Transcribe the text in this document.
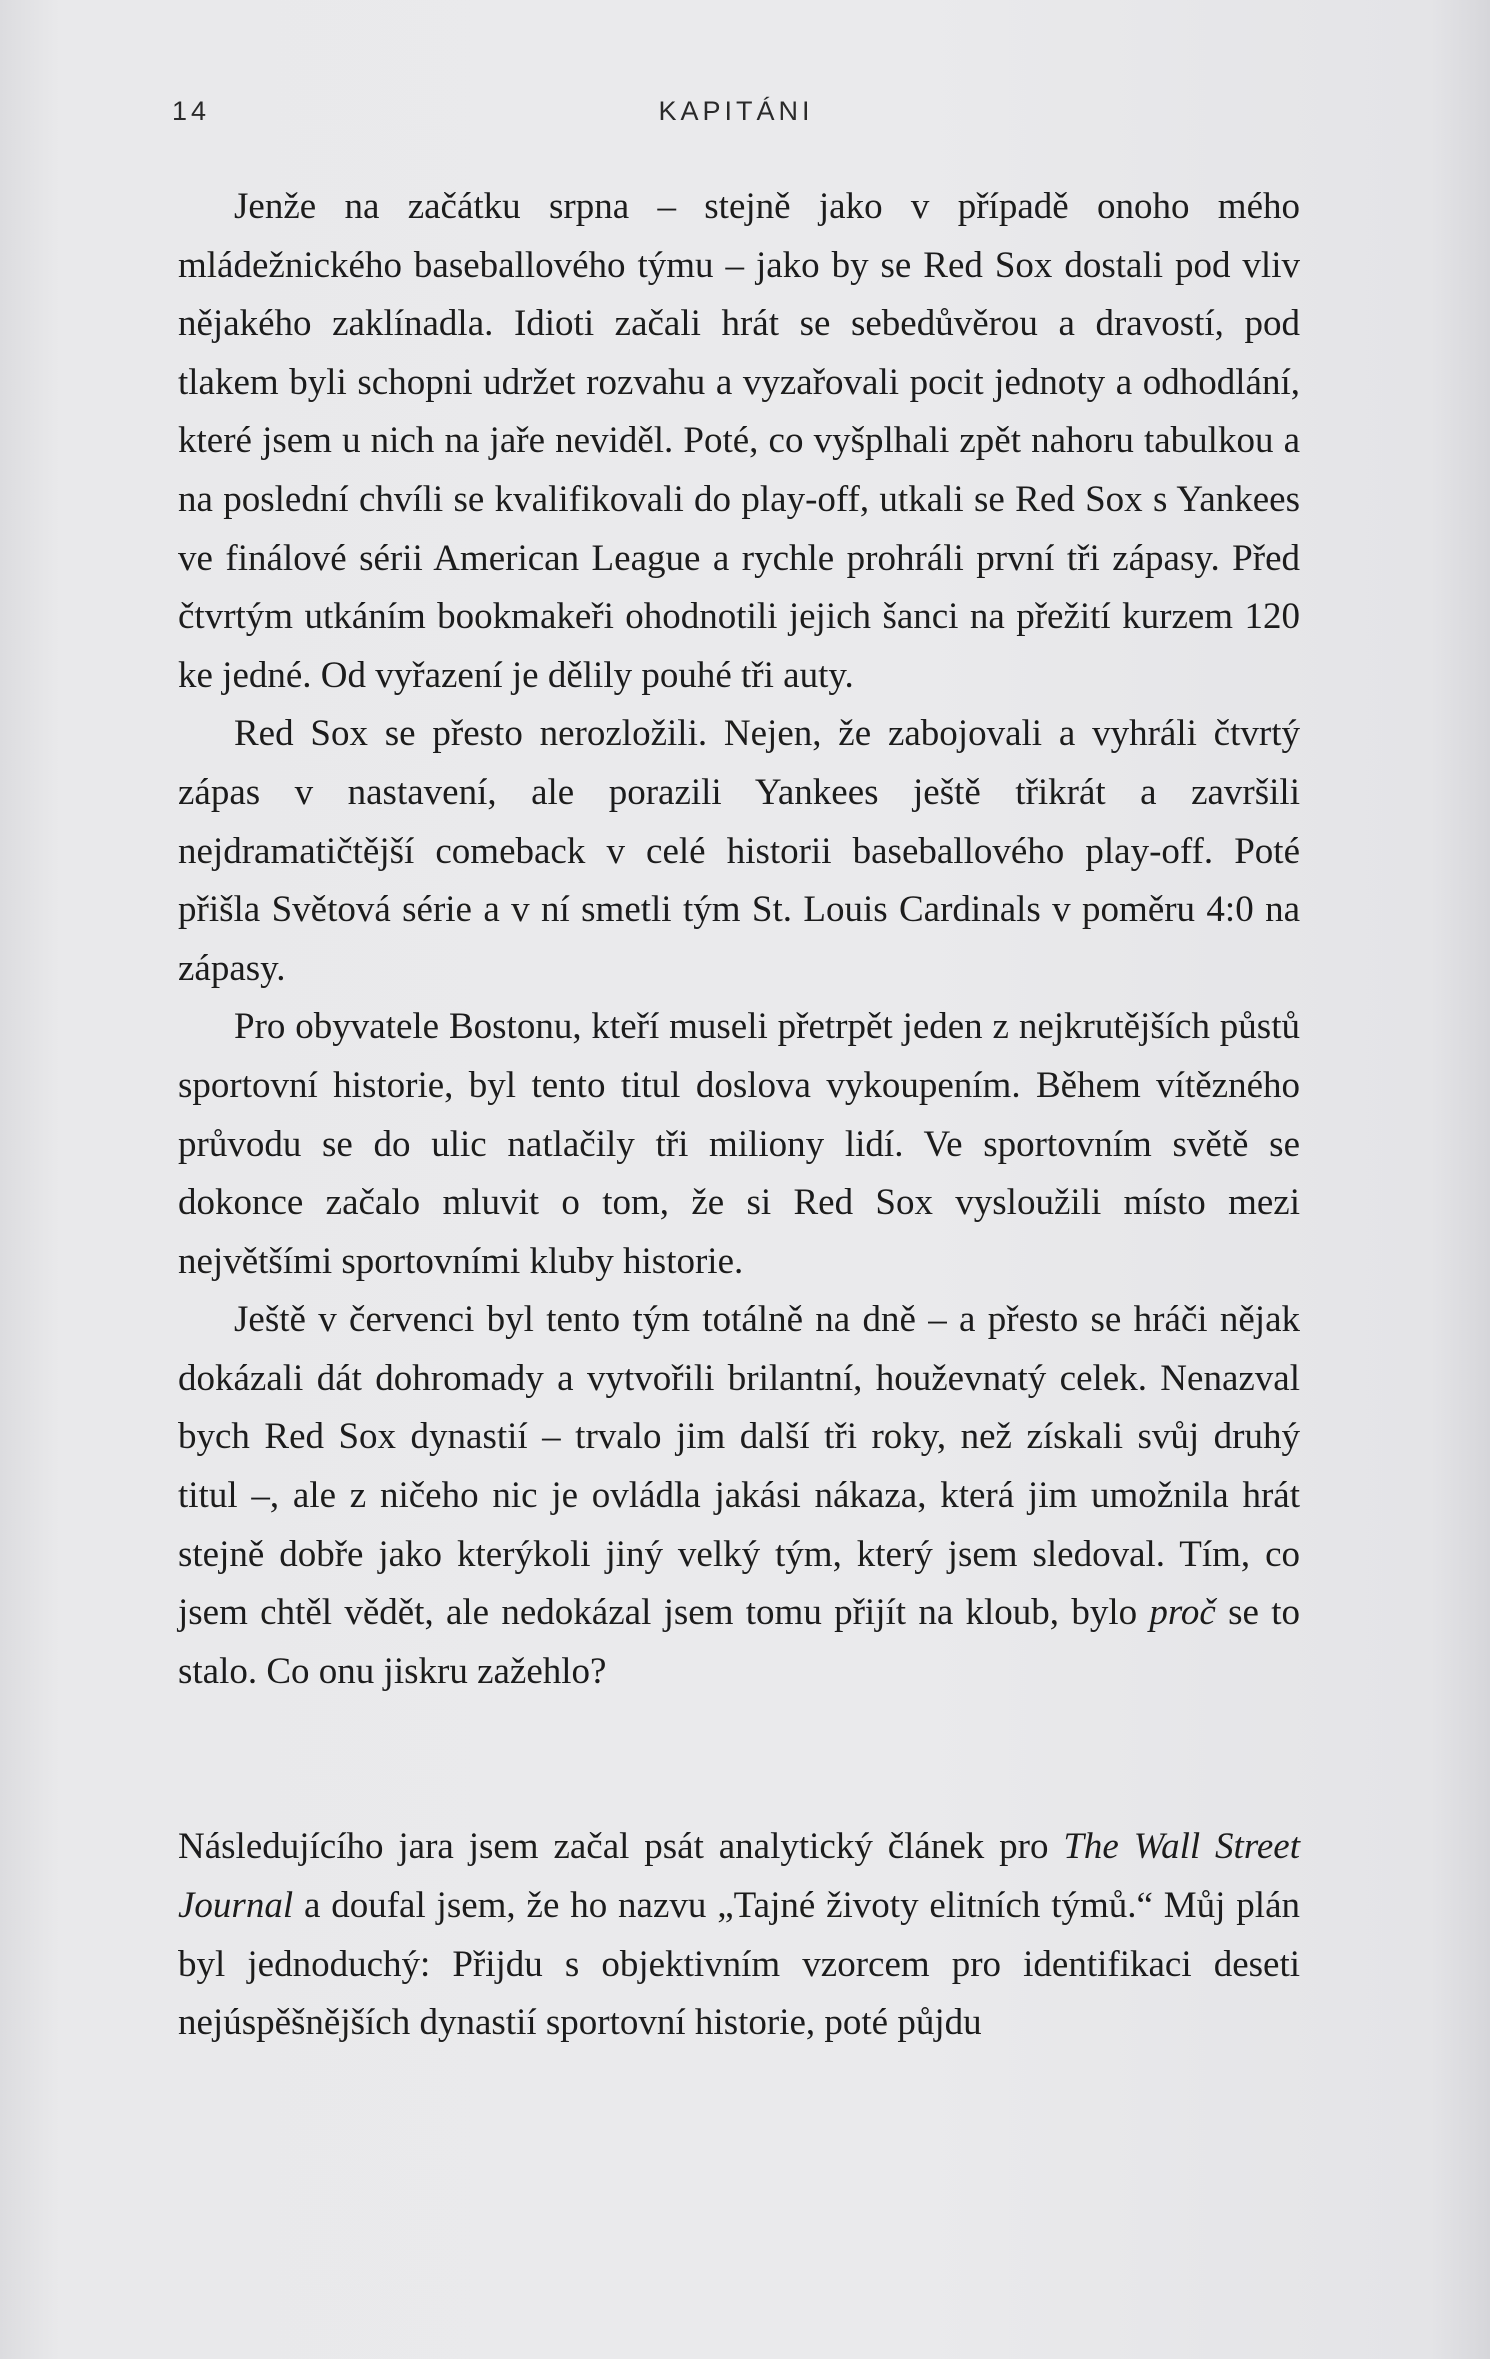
14	KAPITÁNI

Jenže na začátku srpna – stejně jako v případě onoho mého mládežnického baseballového týmu – jako by se Red Sox dostali pod vliv nějakého zaklínadla. Idioti začali hrát se sebedůvěrou a dravostí, pod tlakem byli schopni udržet rozvahu a vyzařovali pocit jednoty a odhodlání, které jsem u nich na jaře neviděl. Poté, co vyšplhali zpět nahoru tabulkou a na poslední chvíli se kvalifikovali do play-off, utkali se Red Sox s Yankees ve finálové sérii American League a rychle prohráli první tři zápasy. Před čtvrtým utkáním bookmakeři ohodnotili jejich šanci na přežití kurzem 120 ke jedné. Od vyřazení je dělily pouhé tři auty.

Red Sox se přesto nerozložili. Nejen, že zabojovali a vyhráli čtvrtý zápas v nastavení, ale porazili Yankees ještě třikrát a završili nejdramatičtější comeback v celé historii baseballového play-off. Poté přišla Světová série a v ní smetli tým St. Louis Cardinals v poměru 4:0 na zápasy.

Pro obyvatele Bostonu, kteří museli přetrpět jeden z nejkrutějších půstů sportovní historie, byl tento titul doslova vykoupením. Během vítězného průvodu se do ulic natlačily tři miliony lidí. Ve sportovním světě se dokonce začalo mluvit o tom, že si Red Sox vysloužili místo mezi největšími sportovními kluby historie.

Ještě v červenci byl tento tým totálně na dně – a přesto se hráči nějak dokázali dát dohromady a vytvořili brilantní, houževnatý celek. Nenazval bych Red Sox dynastií – trvalo jim další tři roky, než získali svůj druhý titul –, ale z ničeho nic je ovládla jakási nákaza, která jim umožnila hrát stejně dobře jako kterýkoli jiný velký tým, který jsem sledoval. Tím, co jsem chtěl vědět, ale nedokázal jsem tomu přijít na kloub, bylo proč se to stalo. Co onu jiskru zažehlo?

Následujícího jara jsem začal psát analytický článek pro The Wall Street Journal a doufal jsem, že ho nazvu „Tajné životy elitních týmů.“ Můj plán byl jednoduchý: Přijdu s objektivním vzorcem pro identifikaci deseti nejúspěšnějších dynastií sportovní historie, poté půjdu
